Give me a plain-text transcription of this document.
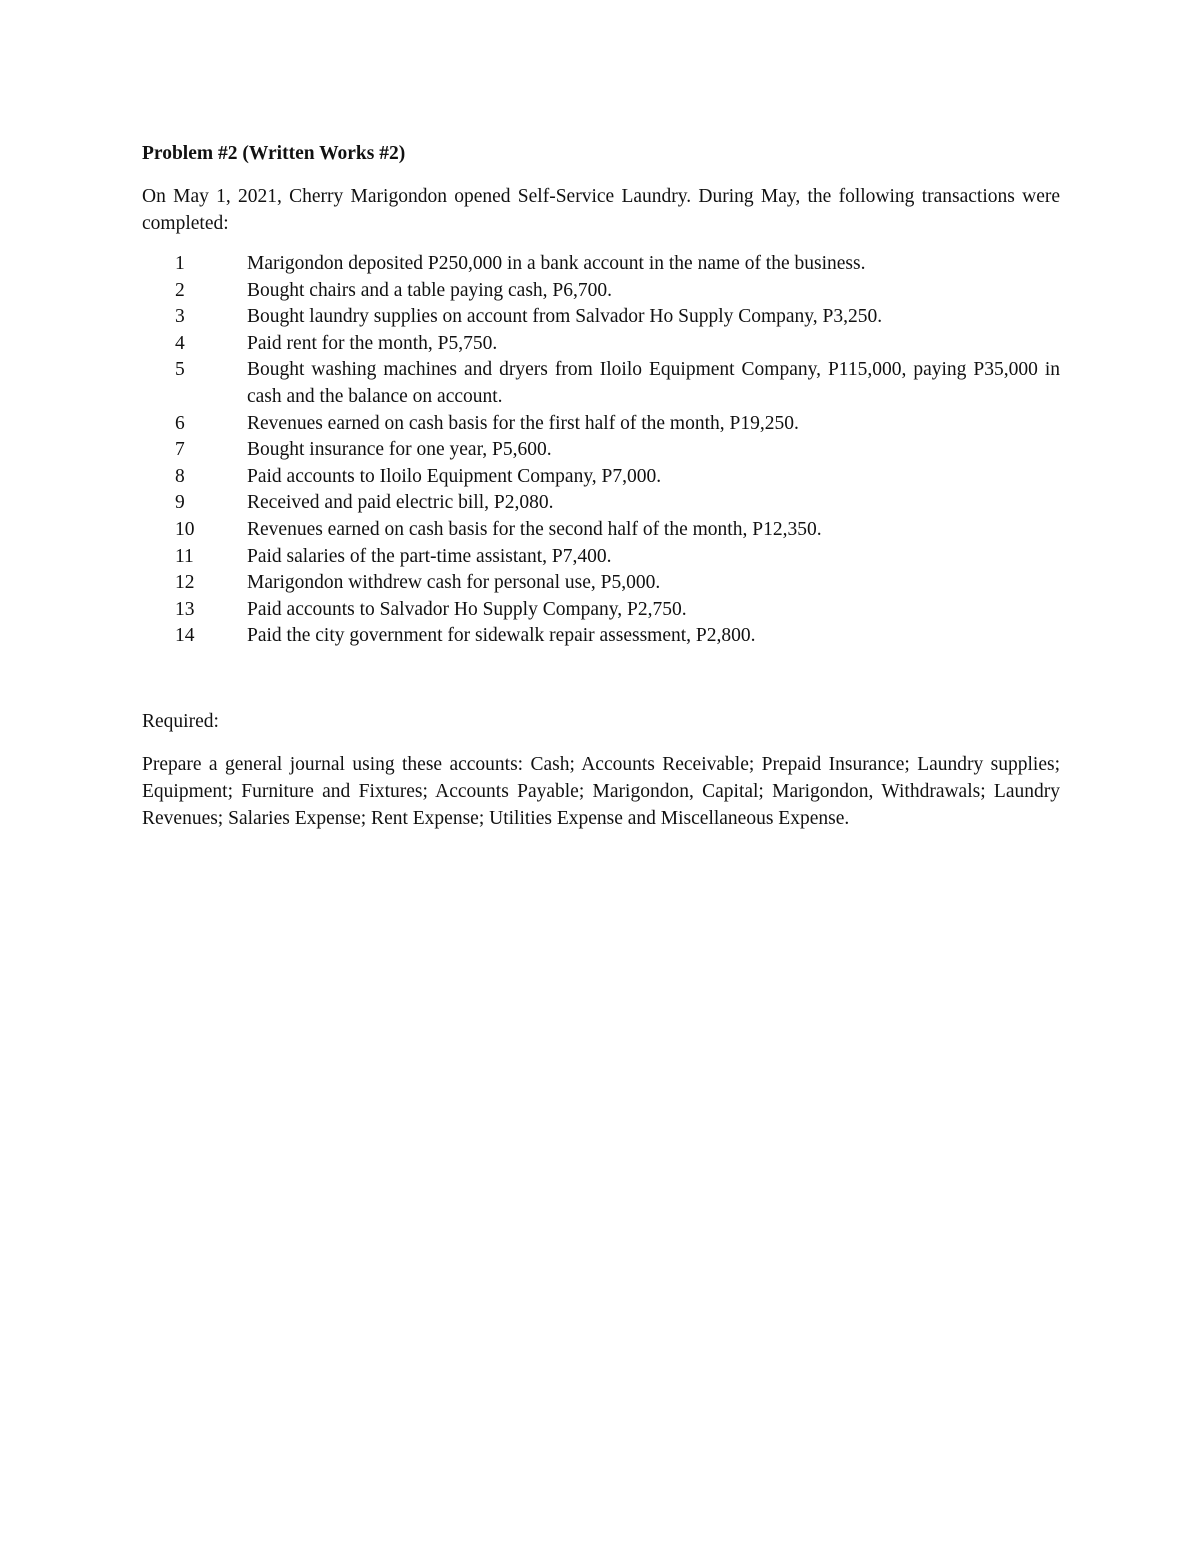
Problem #2 (Written Works #2)

On May 1, 2021, Cherry Marigondon opened Self-Service Laundry. During May, the following transactions were completed:

1	Marigondon deposited P250,000 in a bank account in the name of the business.
2	Bought chairs and a table paying cash, P6,700.
3	Bought laundry supplies on account from Salvador Ho Supply Company, P3,250.
4	Paid rent for the month, P5,750.
5	Bought washing machines and dryers from Iloilo Equipment Company, P115,000, paying P35,000 in cash and the balance on account.
6	Revenues earned on cash basis for the first half of the month, P19,250.
7	Bought insurance for one year, P5,600.
8	Paid accounts to Iloilo Equipment Company, P7,000.
9	Received and paid electric bill, P2,080.
10	Revenues earned on cash basis for the second half of the month, P12,350.
11	Paid salaries of the part-time assistant, P7,400.
12	Marigondon withdrew cash for personal use, P5,000.
13	Paid accounts to Salvador Ho Supply Company, P2,750.
14	Paid the city government for sidewalk repair assessment, P2,800.

Required:

Prepare a general journal using these accounts: Cash; Accounts Receivable; Prepaid Insurance; Laundry supplies; Equipment; Furniture and Fixtures; Accounts Payable; Marigondon, Capital; Marigondon, Withdrawals; Laundry Revenues; Salaries Expense; Rent Expense; Utilities Expense and Miscellaneous Expense.
